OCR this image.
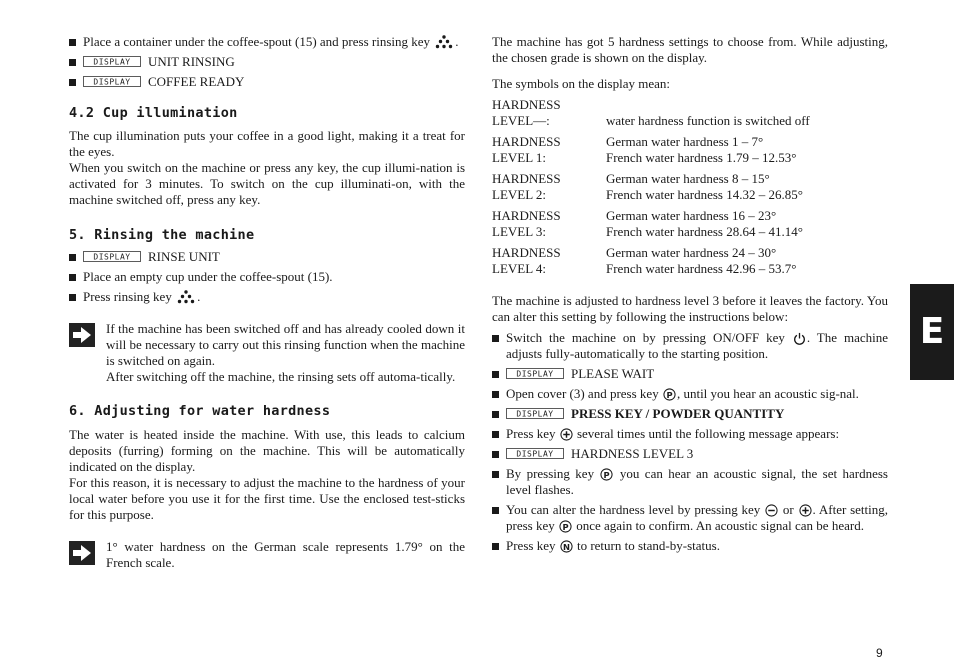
Place a container under the coffee-spout (15) and press rinsing key .
UNIT RINSING
COFFEE READY
4.2 Cup illumination

The cup illumination puts your coffee in a good light, making it a treat for the eyes.

When you switch on the machine or press any key, the cup illumi-nation is activated for 3 minutes. To switch on the cup illuminati-on, with the machine switched off, press any key.

5. Rinsing the machine
RINSE UNIT
Place an empty cup under the coffee-spout (15).
Press rinsing key .

If the machine has been switched off and has already cooled down it will be necessary to carry out this rinsing function when the machine is switched on again.

After switching off the machine, the rinsing sets off automa-tically.

6. Adjusting for water hardness

The water is heated inside the machine. With use, this leads to calcium deposits (furring) forming on the machine. This will be automatically indicated on the display.

For this reason, it is necessary to adjust the machine to the hardness of your local water before you use it for the first time. Use the enclosed test-sticks for this purpose.

1° water hardness on the German scale represents 1.79° on the French scale.

The machine has got 5 hardness settings to choose from. While adjusting, the chosen grade is shown on the display.

The symbols on the display mean:

HARDNESS
LEVEL—:	water hardness function is switched off
HARDNESS
LEVEL 1:
German water hardness 1 – 7°
French water hardness 1.79 – 12.53°
HARDNESS
LEVEL 2:
German water hardness 8 – 15°
French water hardness 14.32 – 26.85°
HARDNESS
LEVEL 3:
German water hardness 16 – 23°
French water hardness 28.64 – 41.14°
HARDNESS
LEVEL 4:
German water hardness 24 – 30°
French water hardness 42.96 – 53.7°

The machine is adjusted to hardness level 3 before it leaves the factory. You can alter this setting by following the instructions below:

Switch the machine on by pressing ON/OFF key . The machine adjusts fully-automatically to the starting position.
PLEASE WAIT
Open cover (3) and press key , until you hear an acoustic sig-nal.
PRESS KEY / POWDER QUANTITY
Press key several times until the following message appears:
HARDNESS LEVEL 3
By pressing key you can hear an acoustic signal, the set hardness level flashes.
You can alter the hardness level by pressing key or . After setting, press key once again to confirm. An acoustic signal can be heard.
Press key to return to stand-by-status.
E
9
